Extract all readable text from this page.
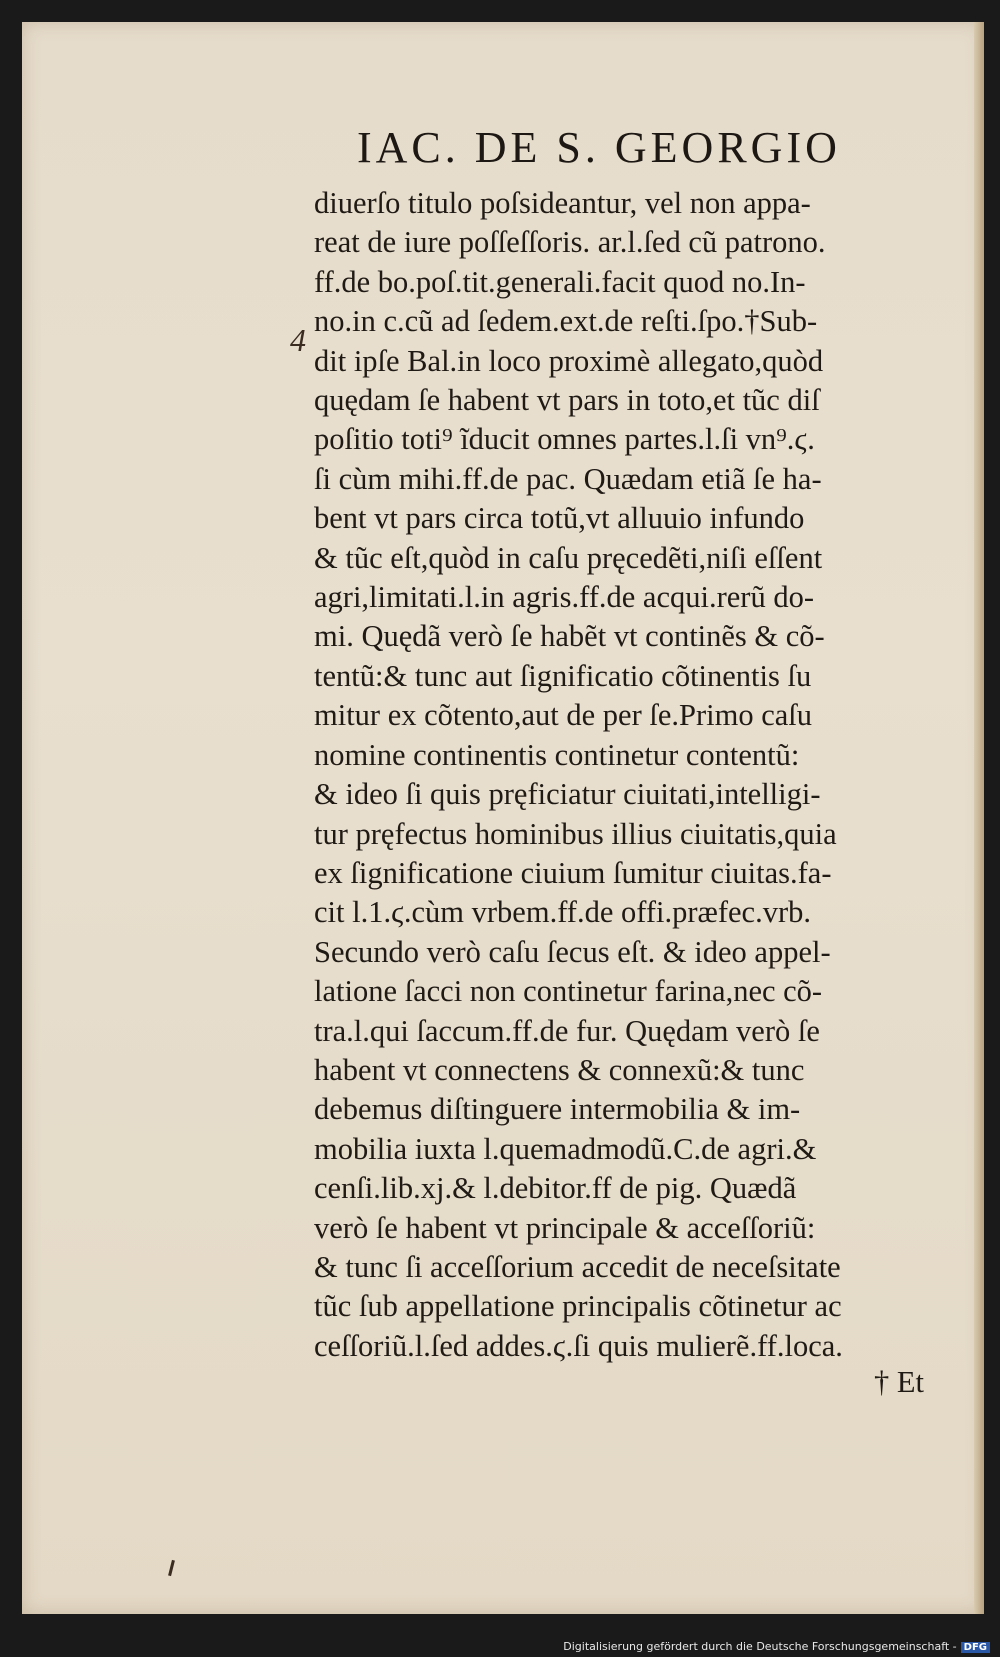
IAC. DE S. GEORGIO
4
diuerſo titulo poſsideantur, vel non appa-
reat de iure poſſeſſoris. ar.l.ſed cũ patrono.
ff.de bo.poſ.tit.generali.facit quod no.In-
no.in c.cũ ad ſedem.ext.de reſti.ſpo.†Sub-
dit ipſe Bal.in loco proximè allegato,quòd
quędam ſe habent vt pars in toto,et tũc diſ
poſitio toti⁹ ĩducit omnes partes.l.ſi vn⁹.ϛ.
ſi cùm mihi.ff.de pac. Quædam etiã ſe ha-
bent vt pars circa totũ,vt alluuio infundo
& tũc eſt,quòd in caſu pręcedẽti,niſi eſſent
agri,limitati.l.in agris.ff.de acqui.rerũ do-
mi. Quędã verò ſe habẽt vt continẽs & cõ-
tentũ:& tunc aut ſignificatio cõtinentis ſu
mitur ex cõtento,aut de per ſe.Primo caſu
nomine continentis continetur contentũ:
& ideo ſi quis pręficiatur ciuitati,intelligi-
tur pręfectus hominibus illius ciuitatis,quia
ex ſignificatione ciuium ſumitur ciuitas.fa-
cit l.1.ϛ.cùm vrbem.ff.de offi.præfec.vrb.
Secundo verò caſu ſecus eſt. & ideo appel-
latione ſacci non continetur farina,nec cõ-
tra.l.qui ſaccum.ff.de fur. Quędam verò ſe
habent vt connectens & connexũ:& tunc
debemus diſtinguere intermobilia & im-
mobilia iuxta l.quemadmodũ.C.de agri.&
cenſi.lib.xj.& l.debitor.ff de pig. Quædã
verò ſe habent vt principale & acceſſoriũ:
& tunc ſi acceſſorium accedit de neceſsitate
tũc ſub appellatione principalis cõtinetur ac
ceſſoriũ.l.ſed addes.ϛ.ſi quis mulierẽ.ff.loca.
† Et
Digitalisierung gefördert durch die Deutsche Forschungsgemeinschaft - DFG
